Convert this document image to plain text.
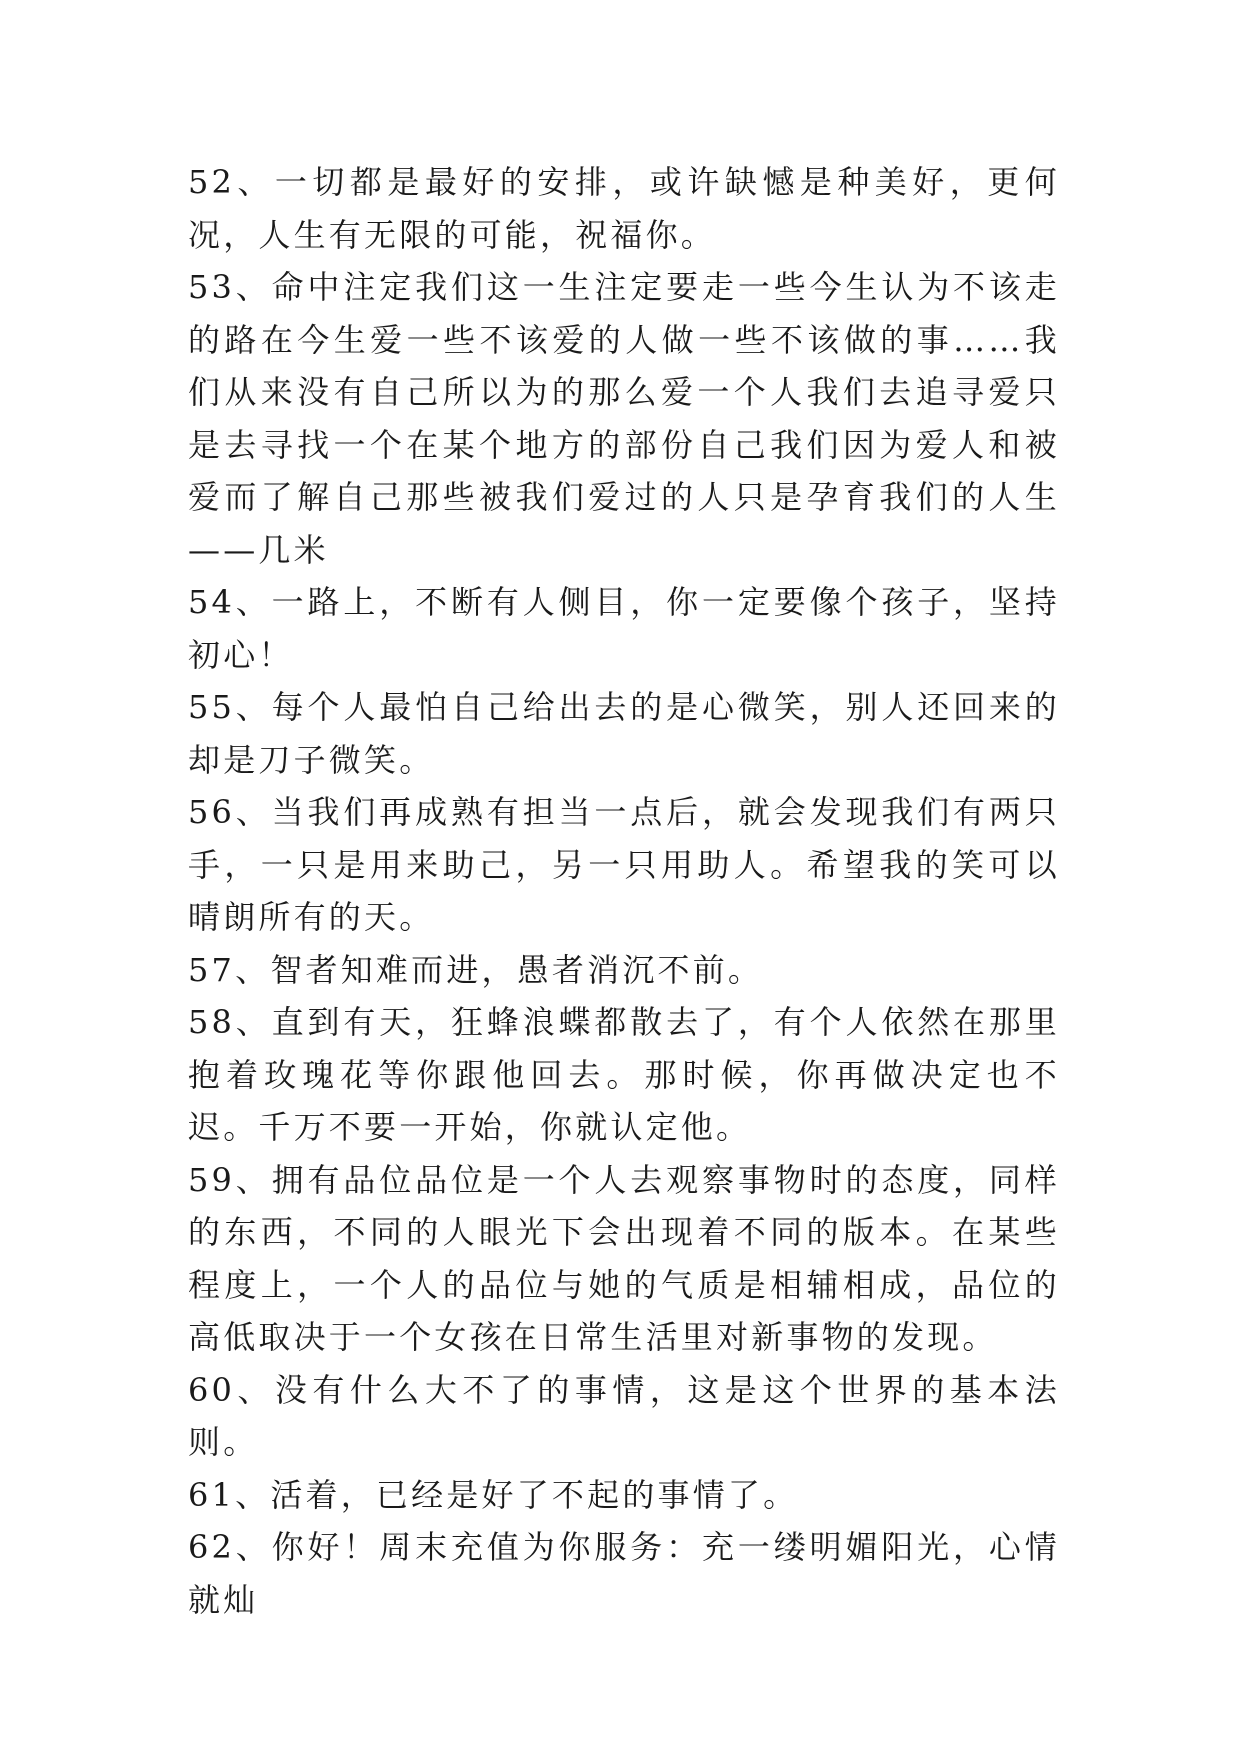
52、一切都是最好的安排，或许缺憾是种美好，更何况，人生有无限的可能，祝福你。

53、命中注定我们这一生注定要走一些今生认为不该走的路在今生爱一些不该爱的人做一些不该做的事……我们从来没有自己所以为的那么爱一个人我们去追寻爱只是去寻找一个在某个地方的部份自己我们因为爱人和被爱而了解自己那些被我们爱过的人只是孕育我们的人生——几米

54、一路上，不断有人侧目，你一定要像个孩子，坚持初心！

55、每个人最怕自己给出去的是心微笑，别人还回来的却是刀子微笑。

56、当我们再成熟有担当一点后，就会发现我们有两只手，一只是用来助己，另一只用助人。希望我的笑可以晴朗所有的天。

57、智者知难而进，愚者消沉不前。

58、直到有天，狂蜂浪蝶都散去了，有个人依然在那里抱着玫瑰花等你跟他回去。那时候，你再做决定也不迟。千万不要一开始，你就认定他。

59、拥有品位品位是一个人去观察事物时的态度，同样的东西，不同的人眼光下会出现着不同的版本。在某些程度上，一个人的品位与她的气质是相辅相成，品位的高低取决于一个女孩在日常生活里对新事物的发现。

60、没有什么大不了的事情，这是这个世界的基本法则。

61、活着，已经是好了不起的事情了。

62、你好！周末充值为你服务：充一缕明媚阳光，心情就灿
